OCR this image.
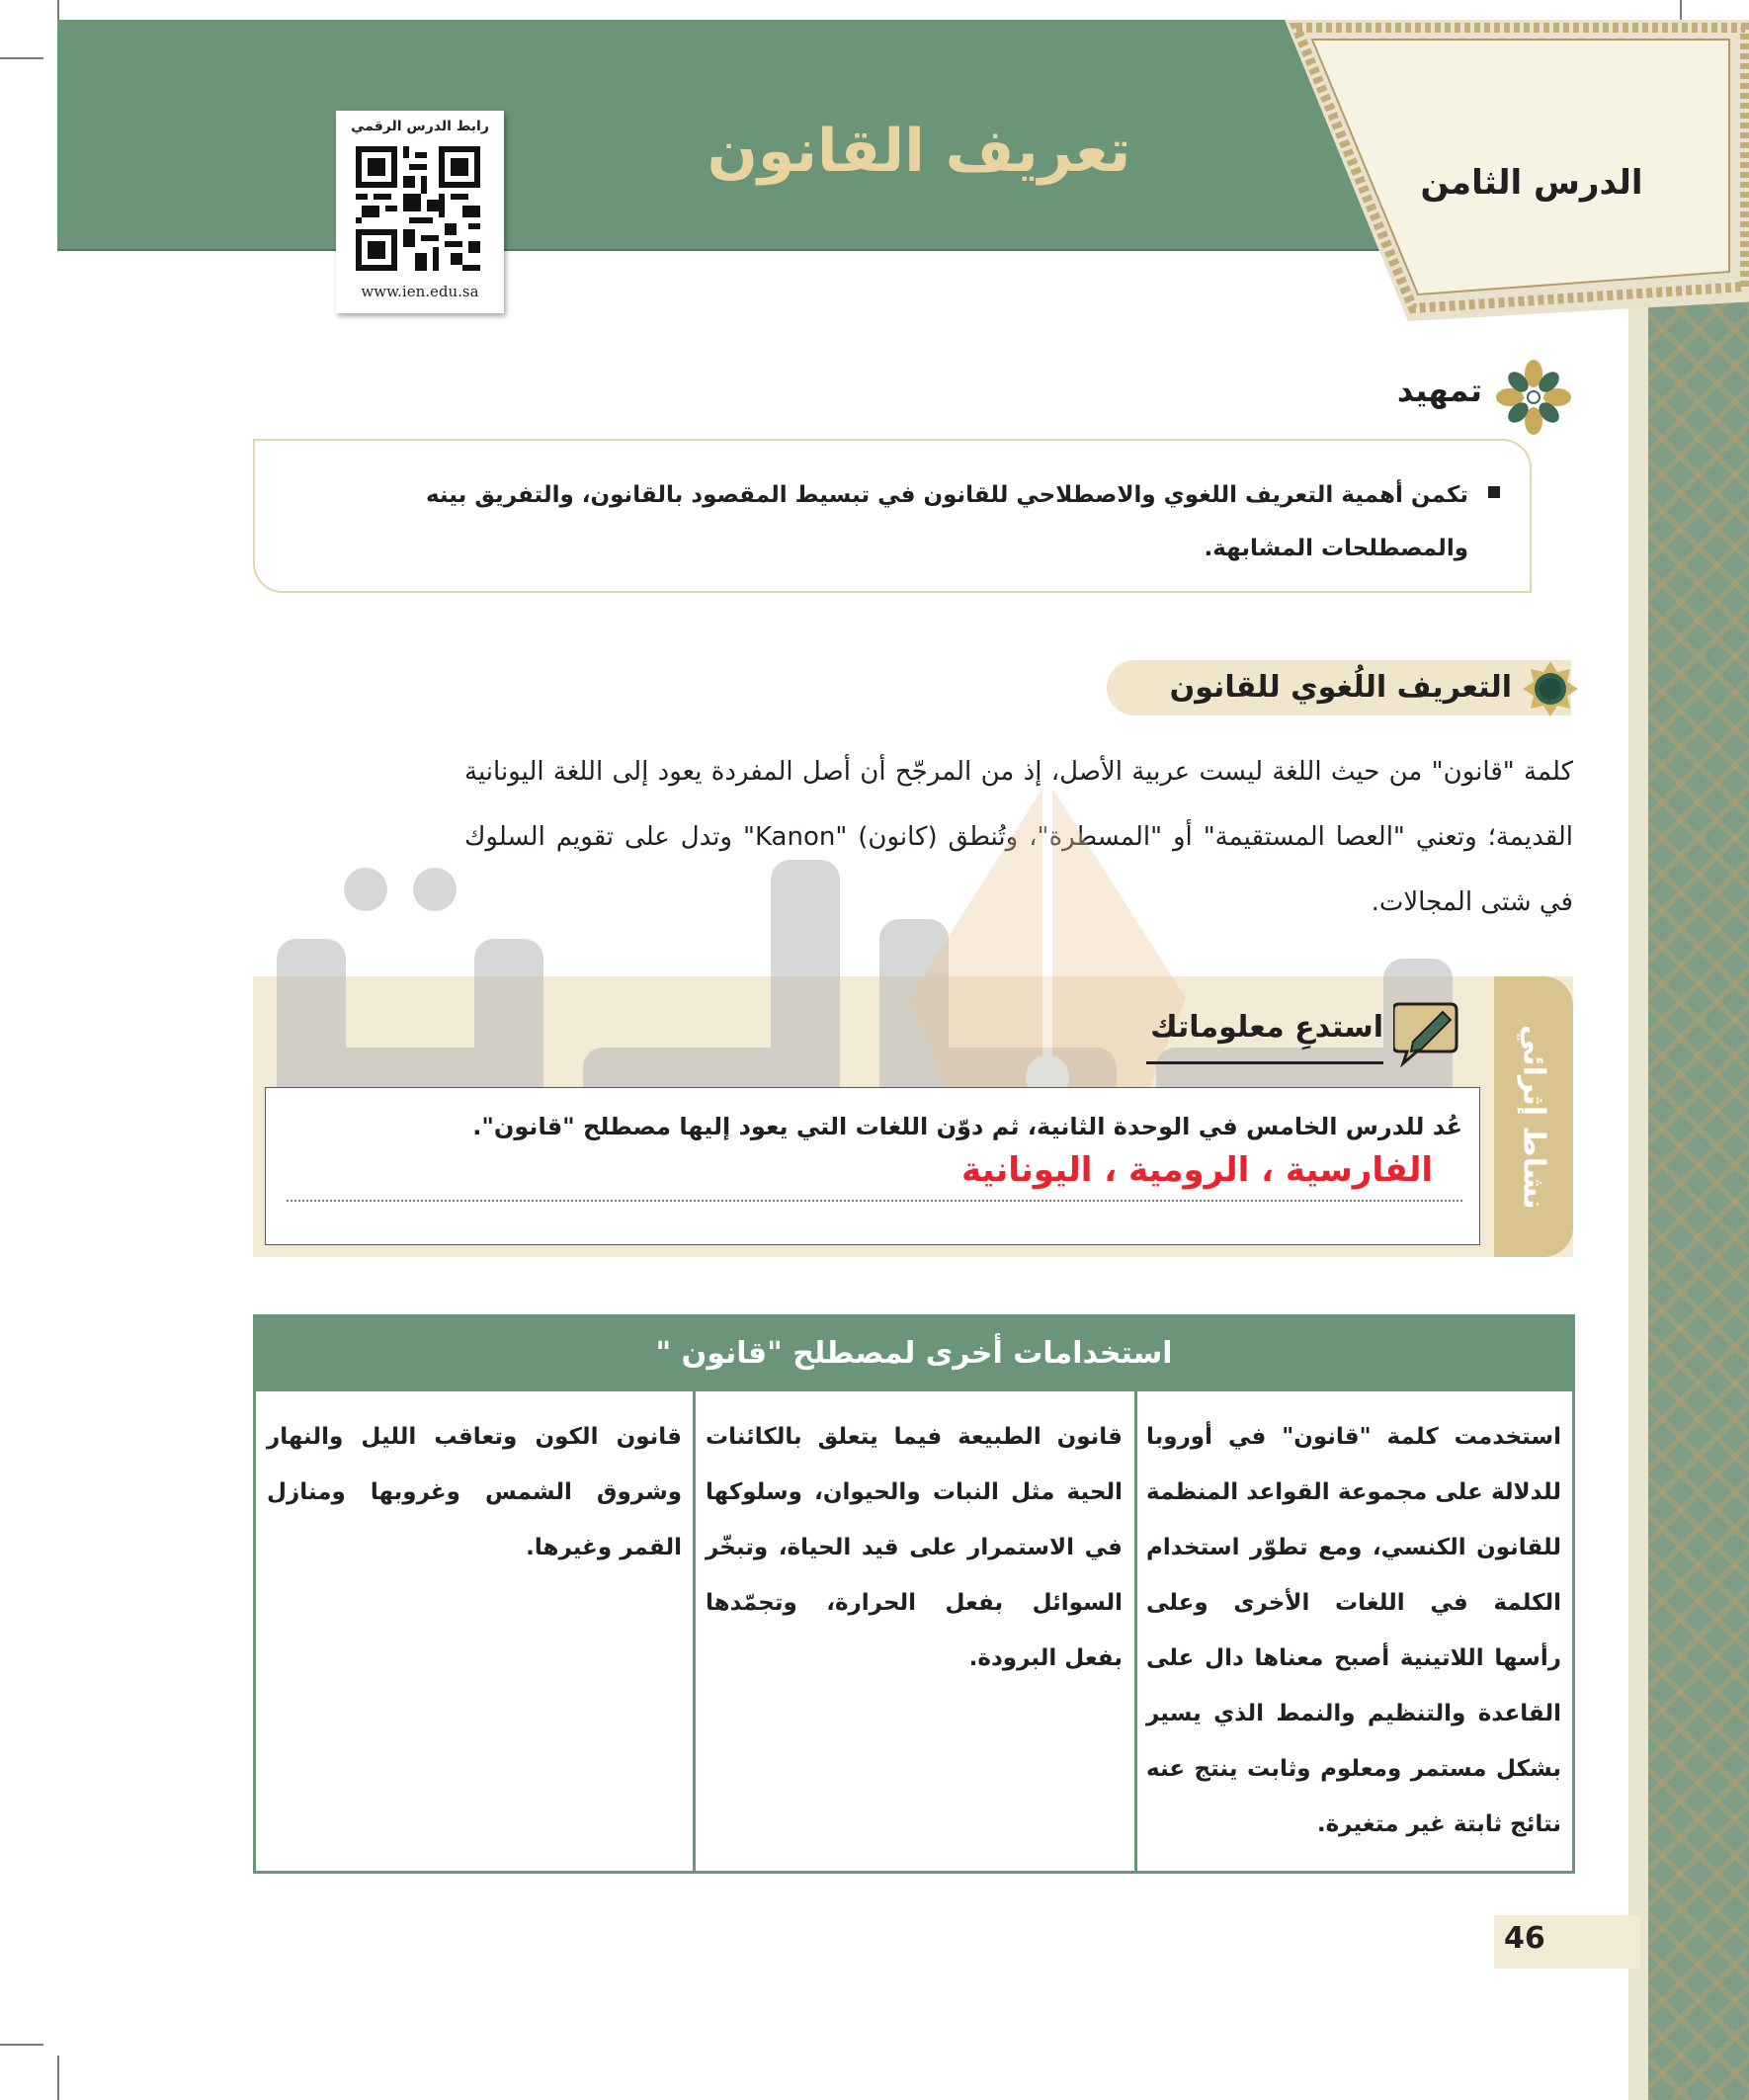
تعريف القانون	الدرس الثامن
رابط الدرس الرقمي
www.ien.edu.sa
تمهيد
تكمن أهمية التعريف اللغوي والاصطلاحي للقانون في تبسيط المقصود بالقانون، والتفريق بينه والمصطلحات المشابهة.
التعريف اللُغوي للقانون
كلمة "قانون" من حيث اللغة ليست عربية الأصل، إذ من المرجّح أن أصل المفردة يعود إلى اللغة اليونانية القديمة؛ وتعني "العصا المستقيمة" أو "المسطرة"، وتُنطق (كانون) "Kanon" وتدل على تقويم السلوك في شتى المجالات.
نشاط إثرائي
استدعِ معلوماتك
عُد للدرس الخامس في الوحدة الثانية، ثم دوّن اللغات التي يعود إليها مصطلح "قانون".
الفارسية ، الرومية ، اليونانية
استخدامات أخرى لمصطلح "قانون "
استخدمت كلمة "قانون" في أوروبا للدلالة على مجموعة القواعد المنظمة للقانون الكنسي، ومع تطوّر استخدام الكلمة في اللغات الأخرى وعلى رأسها اللاتينية أصبح معناها دال على القاعدة والتنظيم والنمط الذي يسير بشكل مستمر ومعلوم وثابت ينتج عنه نتائج ثابتة غير متغيرة.
قانون الطبيعة فيما يتعلق بالكائنات الحية مثل النبات والحيوان، وسلوكها في الاستمرار على قيد الحياة، وتبخّر السوائل بفعل الحرارة، وتجمّدها بفعل البرودة.
قانون الكون وتعاقب الليل والنهار وشروق الشمس وغروبها ومنازل القمر وغيرها.
46
